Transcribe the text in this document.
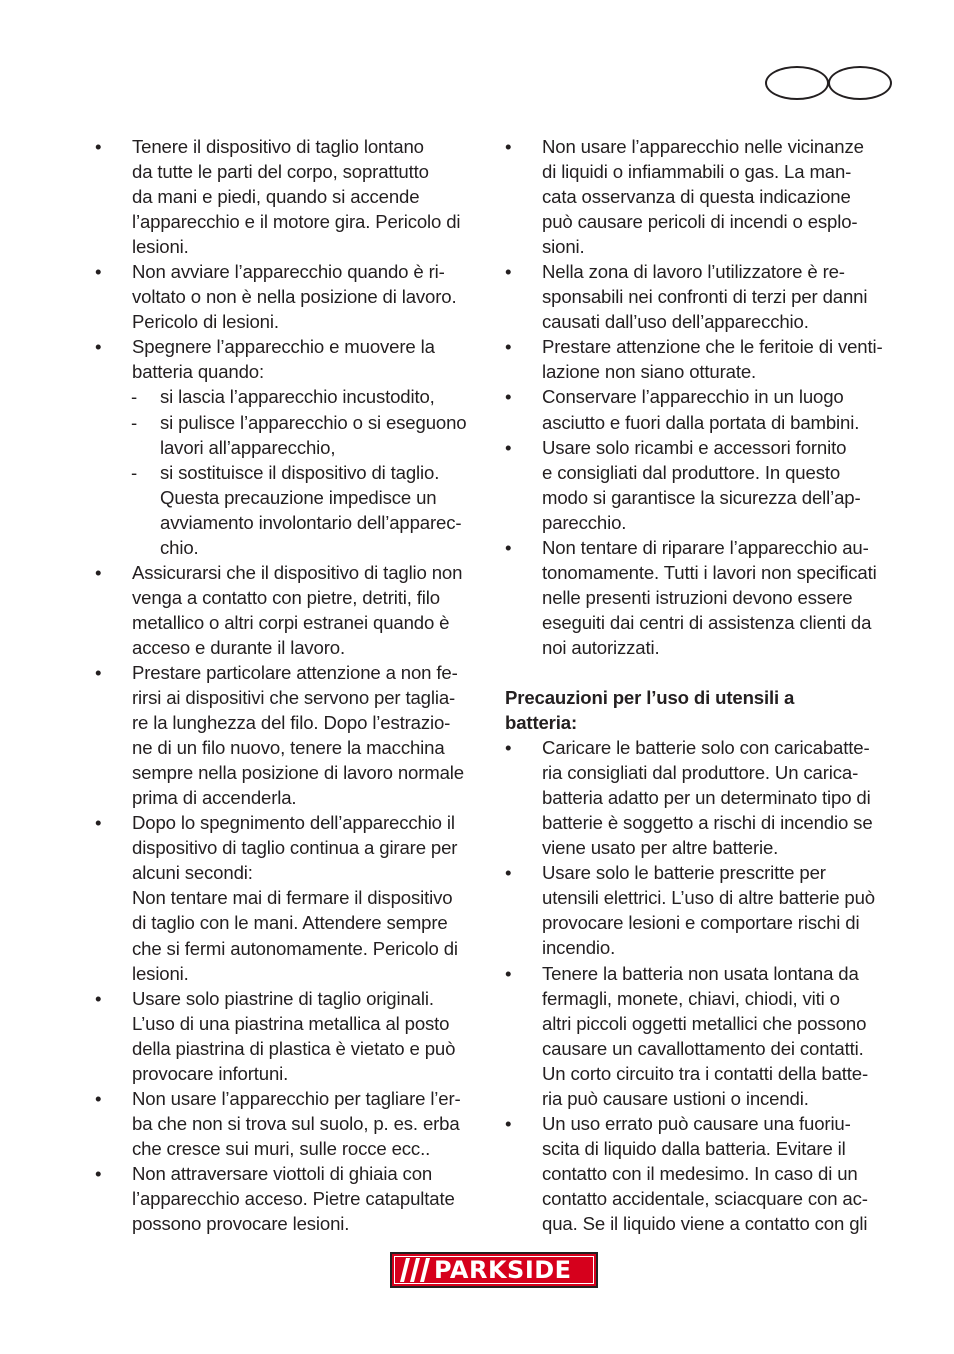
• Tenere il dispositivo di taglio lontano
da tutte le parti del corpo, soprattutto
da mani e piedi, quando si accende
l’apparecchio e il motore gira. Pericolo di
lesioni.
• Non avviare l’apparecchio quando è ri-
voltato o non è nella posizione di lavoro.
Pericolo di lesioni.
• Spegnere l’apparecchio e muovere la
batteria quando:
- si lascia l’apparecchio incustodito,
- si pulisce l’apparecchio o si eseguono
lavori all’apparecchio,
- si sostituisce il dispositivo di taglio.
Questa precauzione impedisce un
avviamento involontario dell’apparec-
chio.
• Assicurarsi che il dispositivo di taglio non
venga a contatto con pietre, detriti, filo
metallico o altri corpi estranei quando è
acceso e durante il lavoro.
• Prestare particolare attenzione a non fe-
rirsi ai dispositivi che servono per taglia-
re la lunghezza del filo. Dopo l’estrazio-
ne di un filo nuovo, tenere la macchina
sempre nella posizione di lavoro normale
prima di accenderla.
• Dopo lo spegnimento dell’apparecchio il
dispositivo di taglio continua a girare per
alcuni secondi:
Non tentare mai di fermare il dispositivo
di taglio con le mani. Attendere sempre
che si fermi autonomamente. Pericolo di
lesioni.
• Usare solo piastrine di taglio originali.
L’uso di una piastrina metallica al posto
della piastrina di plastica è vietato e può
provocare infortuni.
• Non usare l’apparecchio per tagliare l’er-
ba che non si trova sul suolo, p. es. erba
che cresce sui muri, sulle rocce ecc..
• Non attraversare viottoli di ghiaia con
l’apparecchio acceso. Pietre catapultate
possono provocare lesioni.
• Non usare l’apparecchio nelle vicinanze
di liquidi o infiammabili o gas. La man-
cata osservanza di questa indicazione
può causare pericoli di incendi o esplo-
sioni.
• Nella zona di lavoro l’utilizzatore è re-
sponsabili nei confronti di terzi per danni
causati dall’uso dell’apparecchio.
• Prestare attenzione che le feritoie di venti-
lazione non siano otturate.
• Conservare l’apparecchio in un luogo
asciutto e fuori dalla portata di bambini.
• Usare solo ricambi e accessori fornito
e consigliati dal produttore. In questo
modo si garantisce la sicurezza dell’ap-
parecchio.
• Non tentare di riparare l’apparecchio au-
tonomamente. Tutti i lavori non specificati
nelle presenti istruzioni devono essere
eseguiti dai centri di assistenza clienti da
noi autorizzati.
Precauzioni per l’uso di utensili a
batteria:
• Caricare le batterie solo con caricabatte-
ria consigliati dal produttore. Un carica-
batteria adatto per un determinato tipo di
batterie è soggetto a rischi di incendio se
viene usato per altre batterie.
• Usare solo le batterie prescritte per
utensili elettrici. L’uso di altre batterie può
provocare lesioni e comportare rischi di
incendio.
• Tenere la batteria non usata lontana da
fermagli, monete, chiavi, chiodi, viti o
altri piccoli oggetti metallici che possono
causare un cavallottamento dei contatti.
Un corto circuito tra i contatti della batte-
ria può causare ustioni o incendi.
• Un uso errato può causare una fuoriu-
scita di liquido dalla batteria. Evitare il
contatto con il medesimo. In caso di un
contatto accidentale, sciacquare con ac-
qua. Se il liquido viene a contatto con gli
PARKSIDE
